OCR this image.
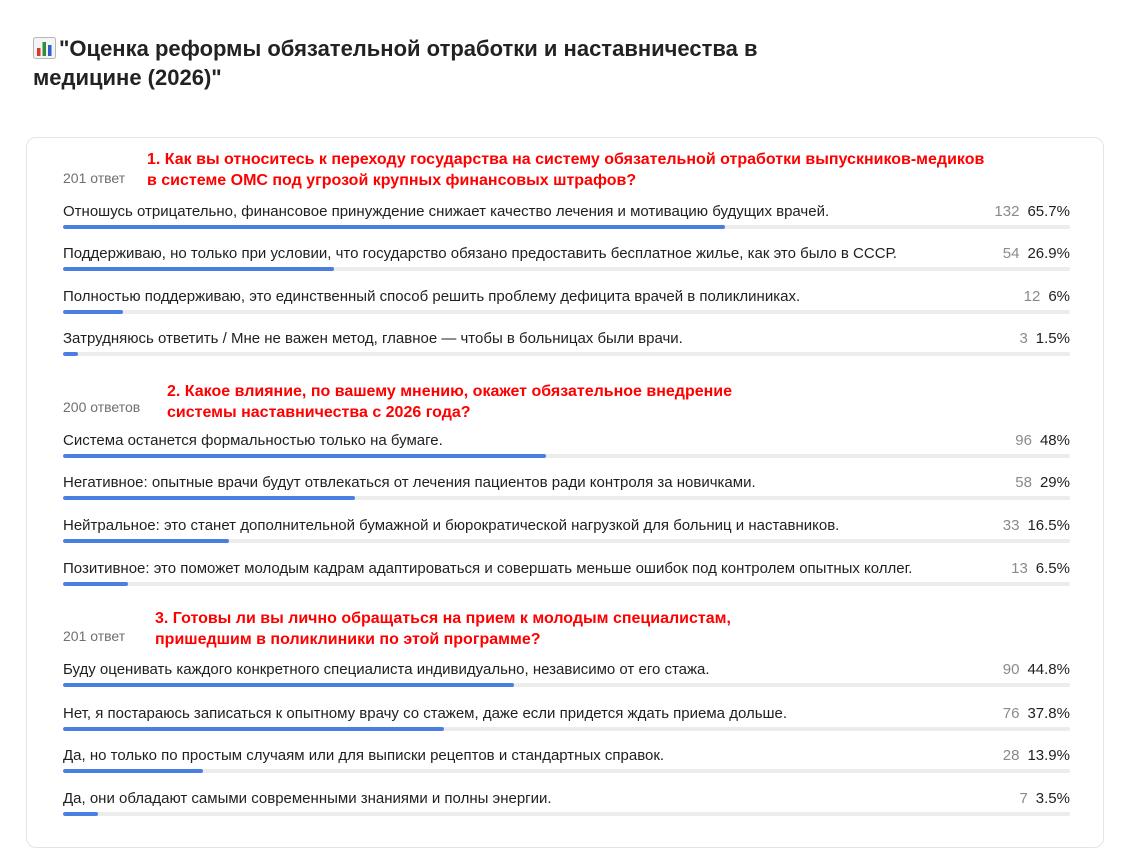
"Оценка реформы обязательной отработки и наставничества в медицине (2026)"
1. Как вы относитесь к переходу государства на систему обязательной отработки выпускников-медиков
в системе ОМС под угрозой крупных финансовых штрафов?
201 ответ
Отношусь отрицательно, финансовое принуждение снижает качество лечения и мотивацию будущих врачей.	132 65.7%
Поддерживаю, но только при условии, что государство обязано предоставить бесплатное жилье, как это было в СССР.	54 26.9%
Полностью поддерживаю, это единственный способ решить проблему дефицита врачей в поликлиниках.	12 6%
Затрудняюсь ответить / Мне не важен метод, главное — чтобы в больницах были врачи.	3 1.5%
2. Какое влияние, по вашему мнению, окажет обязательное внедрение
системы наставничества с 2026 года?
200 ответов
Система останется формальностью только на бумаге.	96 48%
Негативное: опытные врачи будут отвлекаться от лечения пациентов ради контроля за новичками.	58 29%
Нейтральное: это станет дополнительной бумажной и бюрократической нагрузкой для больниц и наставников.	33 16.5%
Позитивное: это поможет молодым кадрам адаптироваться и совершать меньше ошибок под контролем опытных коллег.	13 6.5%
3. Готовы ли вы лично обращаться на прием к молодым специалистам,
пришедшим в поликлиники по этой программе?
201 ответ
Буду оценивать каждого конкретного специалиста индивидуально, независимо от его стажа.	90 44.8%
Нет, я постараюсь записаться к опытному врачу со стажем, даже если придется ждать приема дольше.	76 37.8%
Да, но только по простым случаям или для выписки рецептов и стандартных справок.	28 13.9%
Да, они обладают самыми современными знаниями и полны энергии.	7 3.5%
